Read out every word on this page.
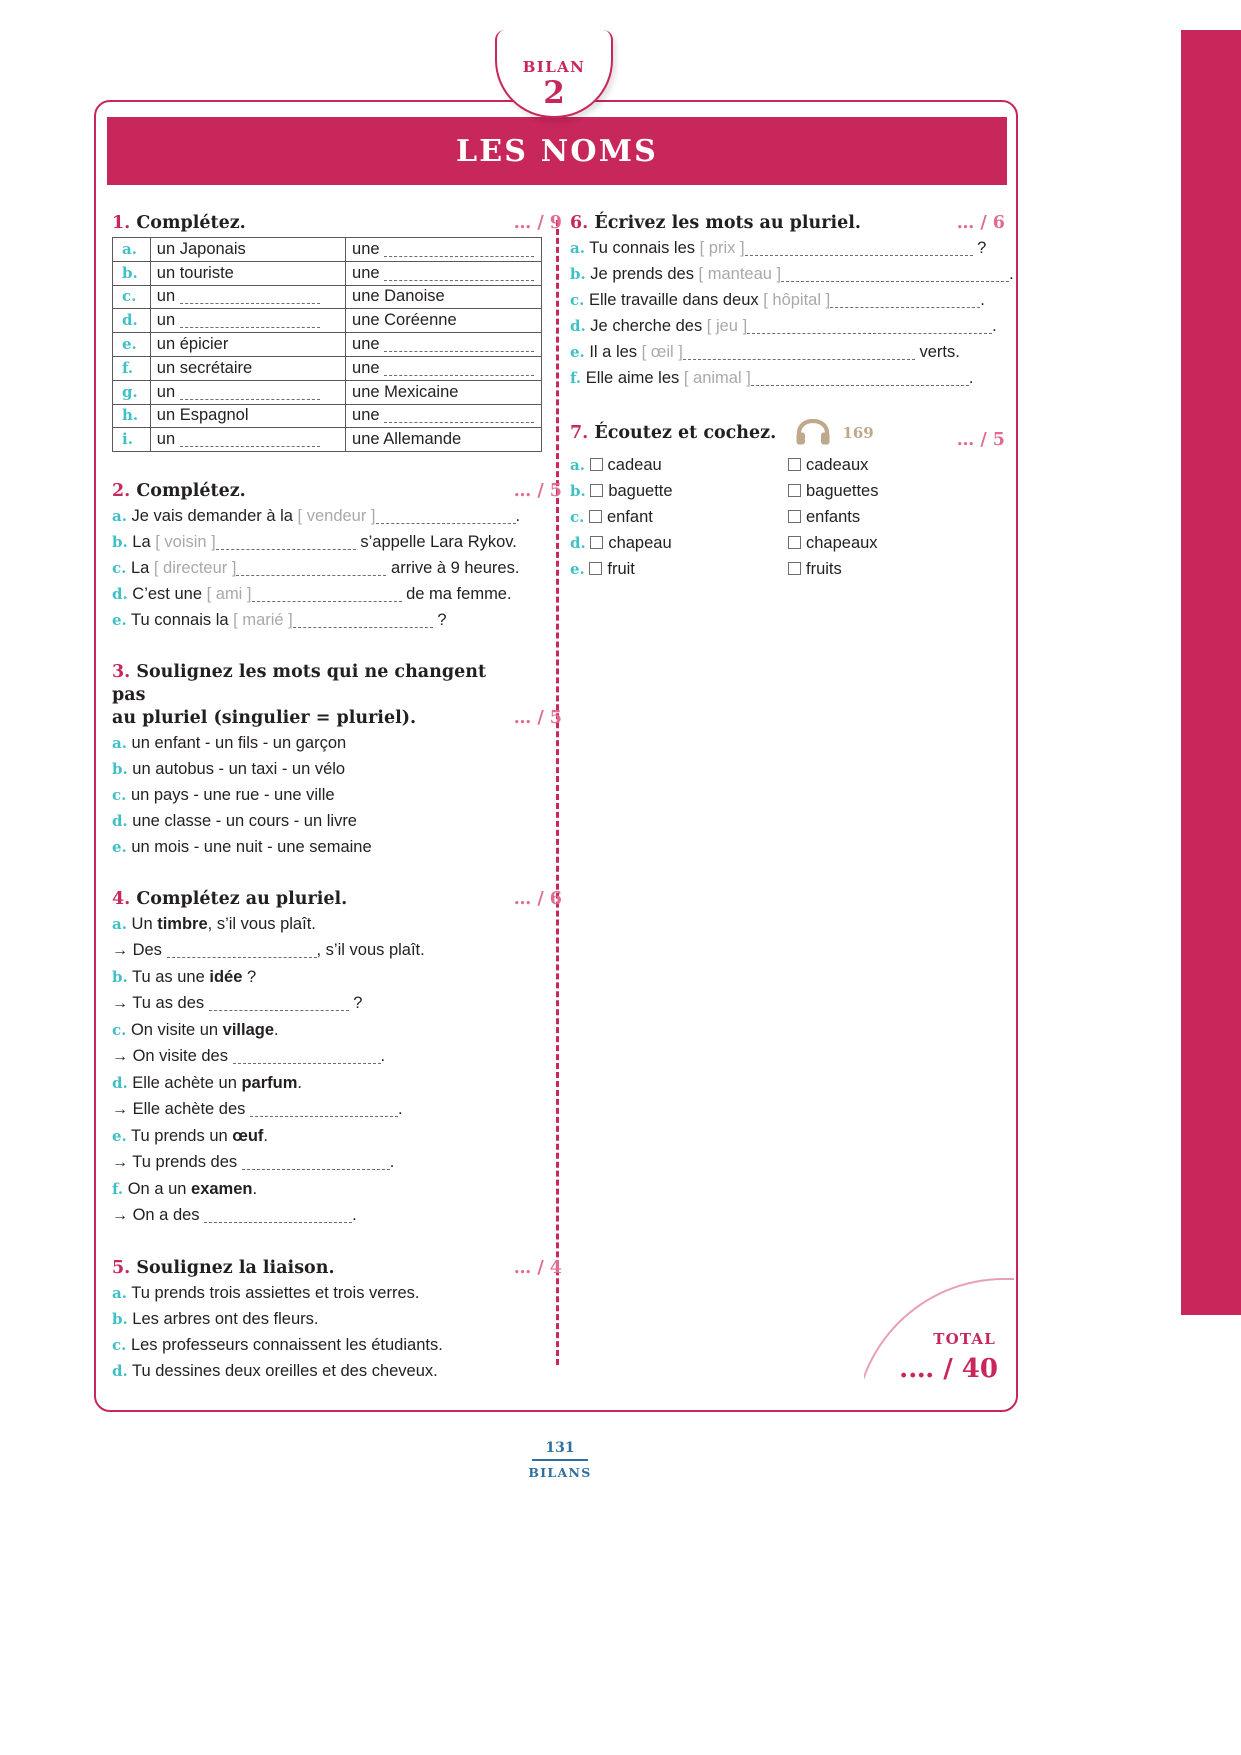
BILAN
2
LES NOMS
1. Complétez.	… / 9
a.	un Japonais	une
b.	un touriste	une
c.	un	une Danoise
d.	un	une Coréenne
e.	un épicier	une
f.	un secrétaire	une
g.	un	une Mexicaine
h.	un Espagnol	une
i.	un	une Allemande
2. Complétez.	… / 5
a. Je vais demander à la [ vendeur ]	.
b. La [ voisin ]	s’appelle Lara Rykov.
c. La [ directeur ]	arrive à 9 heures.
d. C’est une [ ami ]	de ma femme.
e. Tu connais la [ marié ]	?
3. Soulignez les mots qui ne changent pas
au pluriel (singulier = pluriel).	… / 5
a. un enfant - un fils - un garçon
b. un autobus - un taxi - un vélo
c. un pays - une rue - une ville
d. une classe - un cours - un livre
e. un mois - une nuit - une semaine
4. Complétez au pluriel.	… / 6
a. Un timbre, s’il vous plaît.
→ Des	, s’il vous plaît.
b. Tu as une idée ?
→ Tu as des	?
c. On visite un village.
→ On visite des	.
d. Elle achète un parfum.
→ Elle achète des	.
e. Tu prends un œuf.
→ Tu prends des	.
f. On a un examen.
→ On a des	.
5. Soulignez la liaison.	… / 4
a. Tu prends trois assiettes et trois verres.
b. Les arbres ont des fleurs.
c. Les professeurs connaissent les étudiants.
d. Tu dessines deux oreilles et des cheveux.
6. Écrivez les mots au pluriel.	… / 6
a. Tu connais les [ prix ]	?
b. Je prends des [ manteau ]	.
c. Elle travaille dans deux [ hôpital ]	.
d. Je cherche des [ jeu ]	.
e. Il a les [ œil ]	verts.
f. Elle aime les [ animal ]	.
7. Écoutez et cochez.	169	… / 5
a. cadeau	cadeaux
b. baguette	baguettes
c. enfant	enfants
d. chapeau	chapeaux
e. fruit	fruits
TOTAL
.… / 40
131
BILANS
